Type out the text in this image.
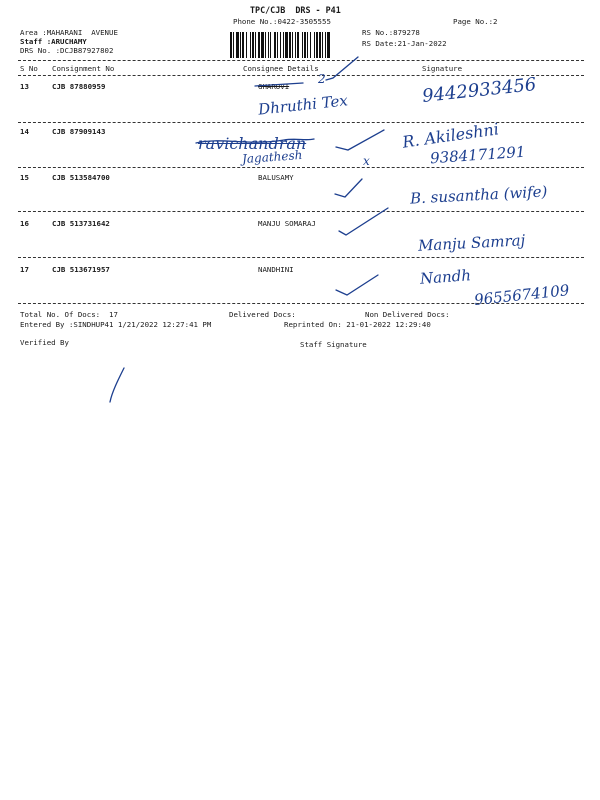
TPC/CJB  DRS - P41
Phone No.:0422-3505555	Page No.:2
Area :MAHARANI  AVENUE
Staff :ARUCHAMY
DRS No. :DCJB87927802
RS No.:879278
RS Date:21-Jan-2022
S No Consignment No	Consignee Details	Signature
13	CJB 87880959	GHARUVI
14	CJB 87909143
15	CJB 513584700	BALUSAMY
16	CJB 513731642	MANJU SOMARAJ
17	CJB 513671957	NANDHINI
Total No. Of Docs:  17	Delivered Docs:	Non Delivered Docs:
Entered By :SINDHUP41 1/21/2022 12:27:41 PM	Reprinted On: 21-01-2022 12:29:40
Verified By	Staff Signature
Dhruthi Tex
2	9442933456
ravichandran
Jagathesh
R. Akileshni
x	9384171291
B. susantha (wife)
Manju Samraj
Nandh
9655674109
